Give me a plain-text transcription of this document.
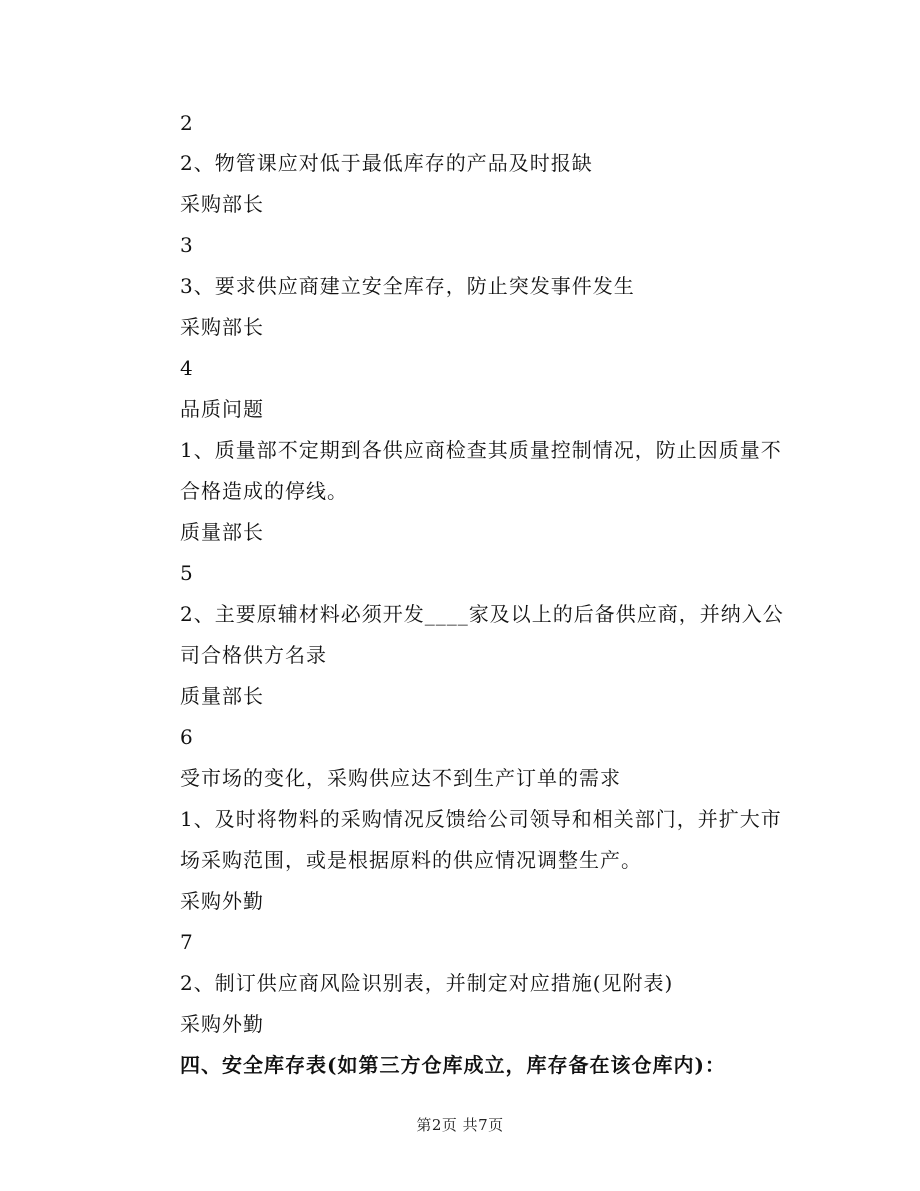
2
2、物管课应对低于最低库存的产品及时报缺
采购部长
3
3、要求供应商建立安全库存，防止突发事件发生
采购部长
4
品质问题
1、质量部不定期到各供应商检查其质量控制情况，防止因质量不
合格造成的停线。
质量部长
5
2、主要原辅材料必须开发____家及以上的后备供应商，并纳入公
司合格供方名录
质量部长
6
受市场的变化，采购供应达不到生产订单的需求
1、及时将物料的采购情况反馈给公司领导和相关部门，并扩大市
场采购范围，或是根据原料的供应情况调整生产。
采购外勤
7
2、制订供应商风险识别表，并制定对应措施(见附表)
采购外勤
四、安全库存表(如第三方仓库成立，库存备在该仓库内)：
第2页 共7页
